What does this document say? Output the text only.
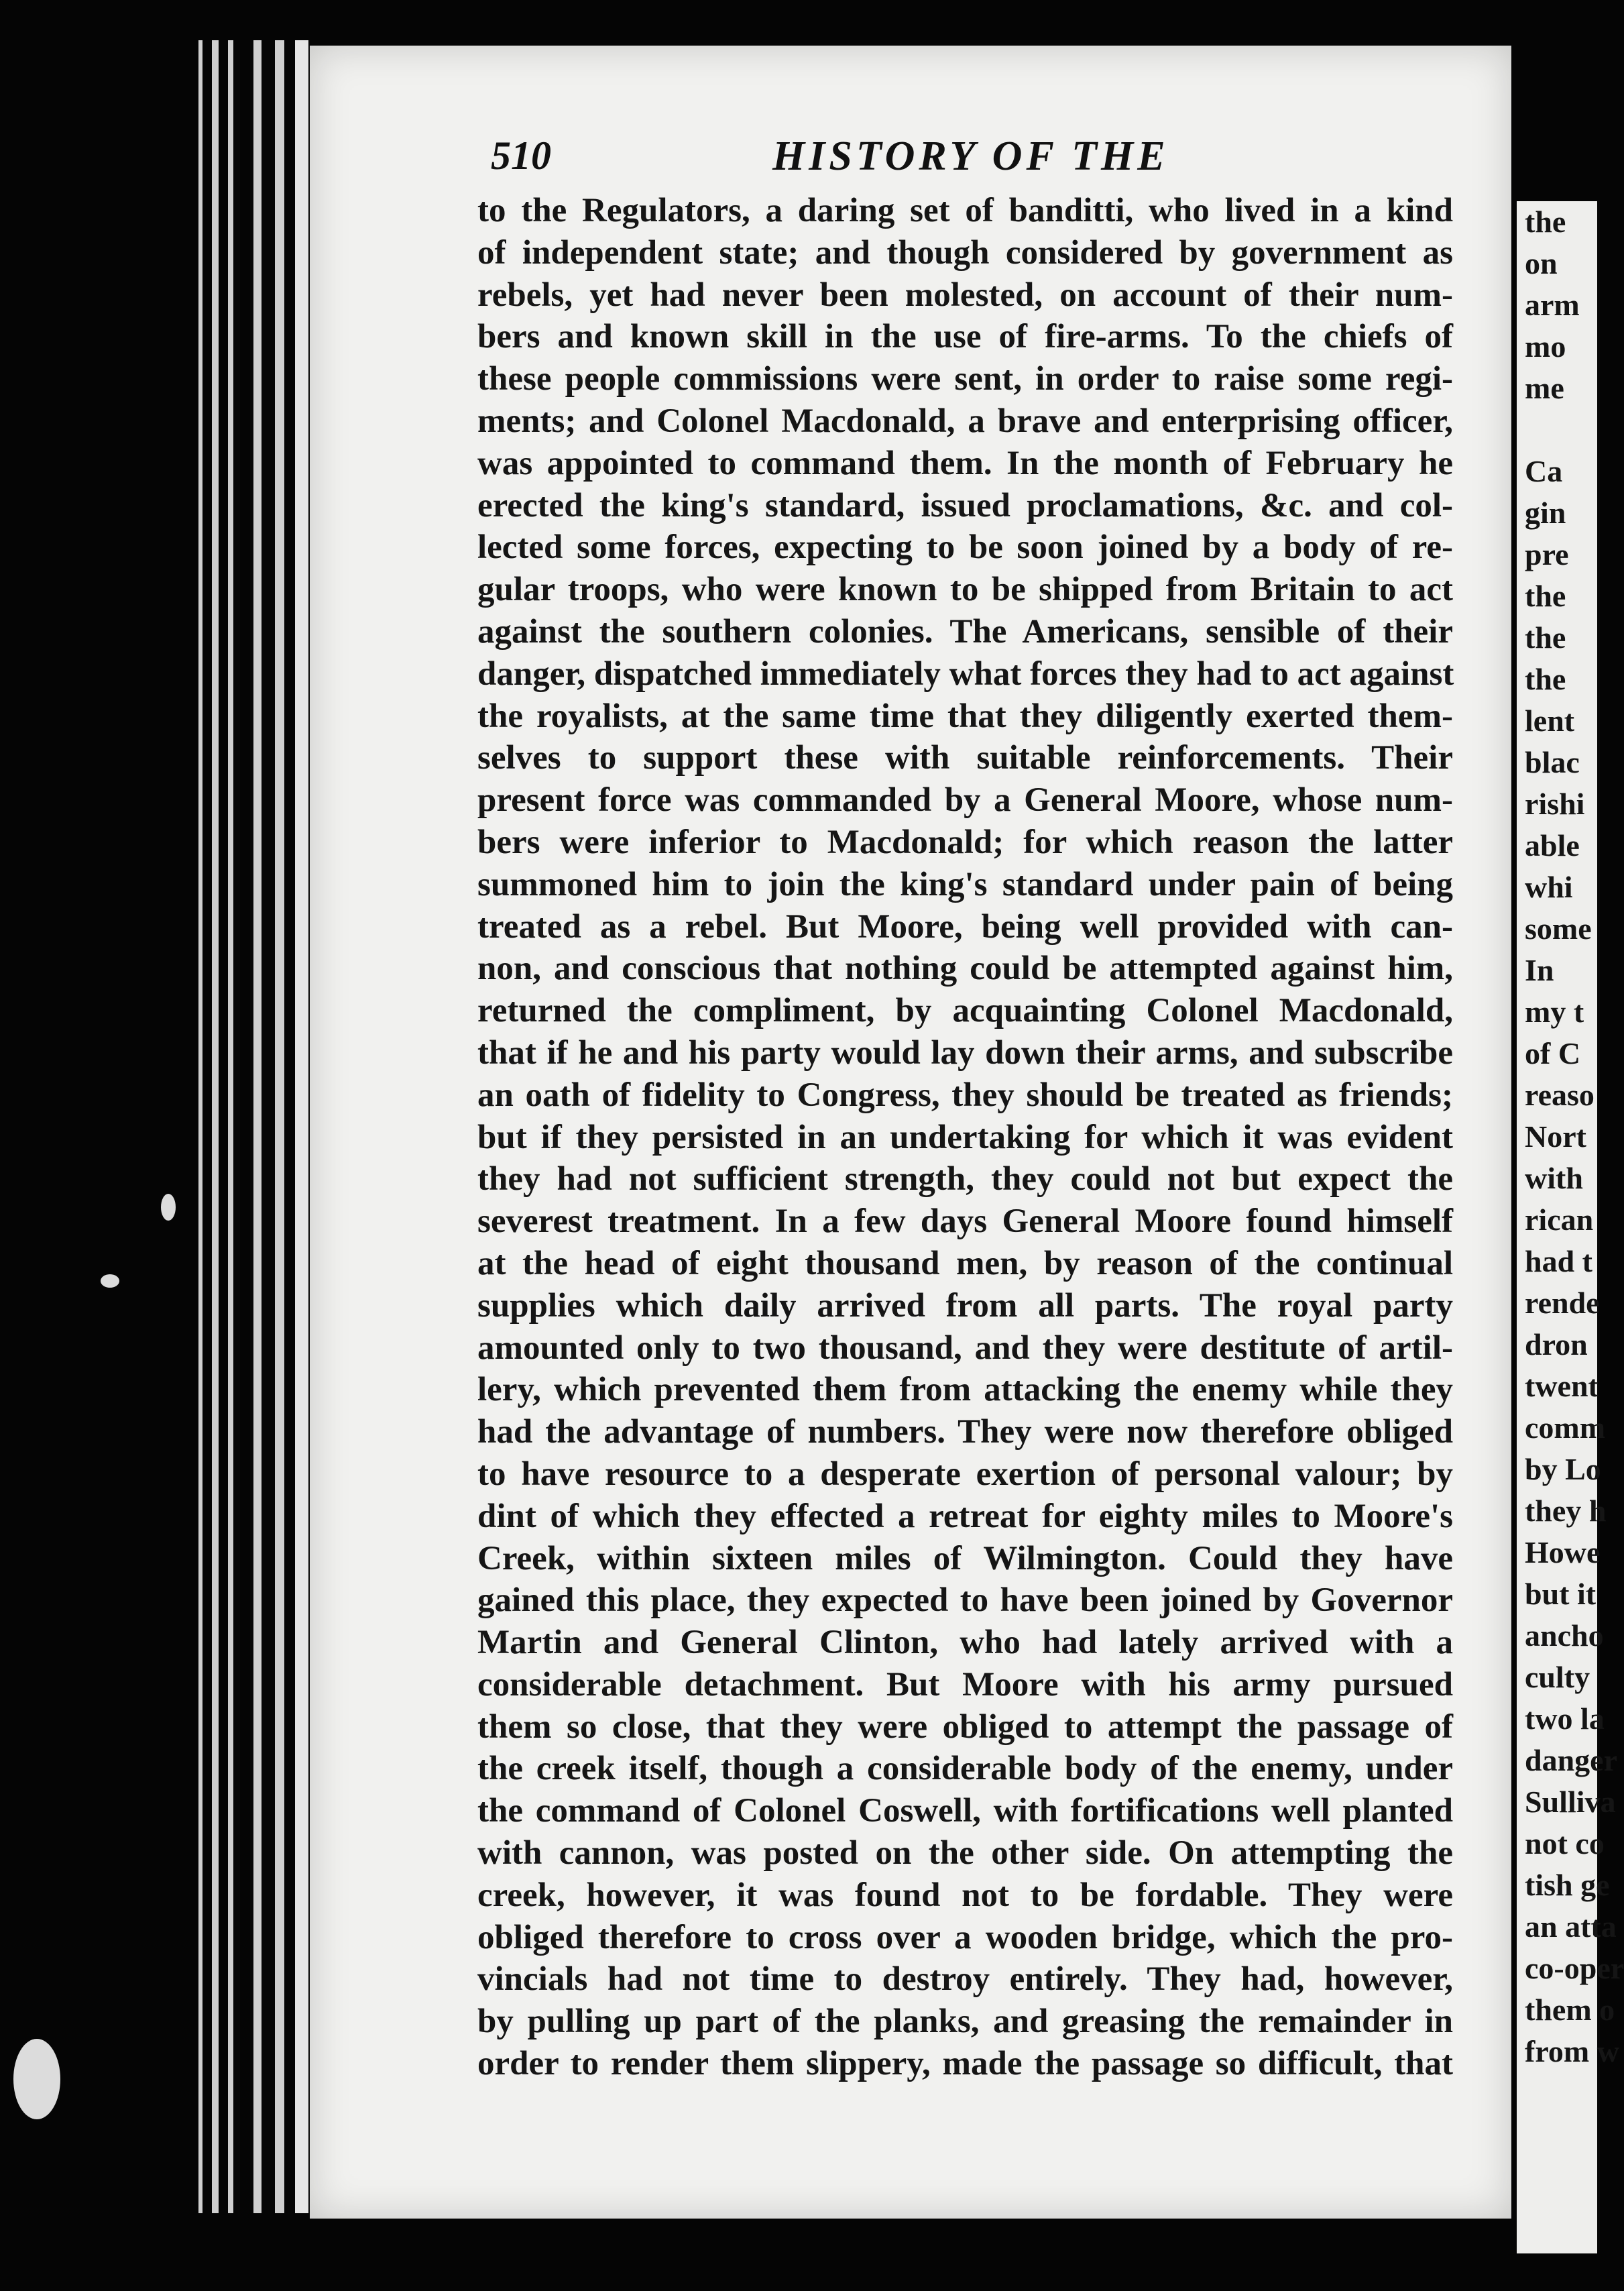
510	HISTORY OF THE
to the Regulators, a daring set of banditti, who lived in a kind
of independent state; and though considered by government as
rebels, yet had never been molested, on account of their num-
bers and known skill in the use of fire-arms. To the chiefs of
these people commissions were sent, in order to raise some regi-
ments; and Colonel Macdonald, a brave and enterprising officer,
was appointed to command them. In the month of February he
erected the king's standard, issued proclamations, &c. and col-
lected some forces, expecting to be soon joined by a body of re-
gular troops, who were known to be shipped from Britain to act
against the southern colonies. The Americans, sensible of their
danger, dispatched immediately what forces they had to act against
the royalists, at the same time that they diligently exerted them-
selves to support these with suitable reinforcements. Their
present force was commanded by a General Moore, whose num-
bers were inferior to Macdonald; for which reason the latter
summoned him to join the king's standard under pain of being
treated as a rebel. But Moore, being well provided with can-
non, and conscious that nothing could be attempted against him,
returned the compliment, by acquainting Colonel Macdonald,
that if he and his party would lay down their arms, and subscribe
an oath of fidelity to Congress, they should be treated as friends;
but if they persisted in an undertaking for which it was evident
they had not sufficient strength, they could not but expect the
severest treatment. In a few days General Moore found himself
at the head of eight thousand men, by reason of the continual
supplies which daily arrived from all parts. The royal party
amounted only to two thousand, and they were destitute of artil-
lery, which prevented them from attacking the enemy while they
had the advantage of numbers. They were now therefore obliged
to have resource to a desperate exertion of personal valour; by
dint of which they effected a retreat for eighty miles to Moore's
Creek, within sixteen miles of Wilmington. Could they have
gained this place, they expected to have been joined by Governor
Martin and General Clinton, who had lately arrived with a
considerable detachment. But Moore with his army pursued
them so close, that they were obliged to attempt the passage of
the creek itself, though a considerable body of the enemy, under
the command of Colonel Coswell, with fortifications well planted
with cannon, was posted on the other side. On attempting the
creek, however, it was found not to be fordable. They were
obliged therefore to cross over a wooden bridge, which the pro-
vincials had not time to destroy entirely. They had, however,
by pulling up part of the planks, and greasing the remainder in
order to render them slippery, made the passage so difficult, that
the
on
arm
mo
me
Ca
gin
pre
the
the
the
lent
blac
rishi
able
whi
some
In
my t
of C
reaso
Nort
with
rican
had t
rende
dron
twent
comm
by Lo
they h
Howe
but it
ancho
culty
two la
danger
Sulliva
not co
tish ge
an atta
co-oper
them o
from w
